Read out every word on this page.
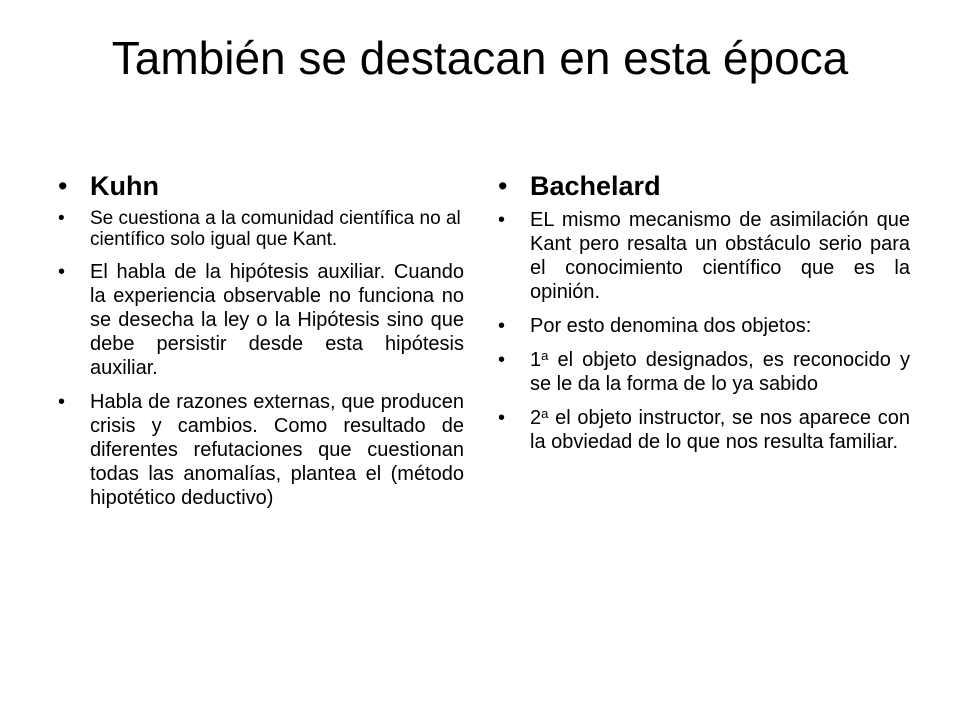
También se destacan en esta época
• Kuhn
• Se cuestiona a la comunidad científica no al científico solo igual que Kant.
• El habla de la hipótesis auxiliar. Cuando la experiencia observable no funciona no se desecha la ley o la Hipótesis sino que debe persistir desde esta hipótesis auxiliar.
• Habla de razones externas, que producen crisis y cambios. Como resultado de diferentes refutaciones que cuestionan todas las anomalías, plantea el (método hipotético deductivo)
• Bachelard
• EL mismo mecanismo de asimilación que Kant pero resalta un obstáculo serio para el conocimiento científico que es la opinión.
• Por esto denomina dos objetos:
• 1$^a$ el objeto designados, es reconocido y se le da la forma de lo ya sabido
• 2$^a$ el objeto instructor, se nos aparece con la obviedad de lo que nos resulta familiar.
